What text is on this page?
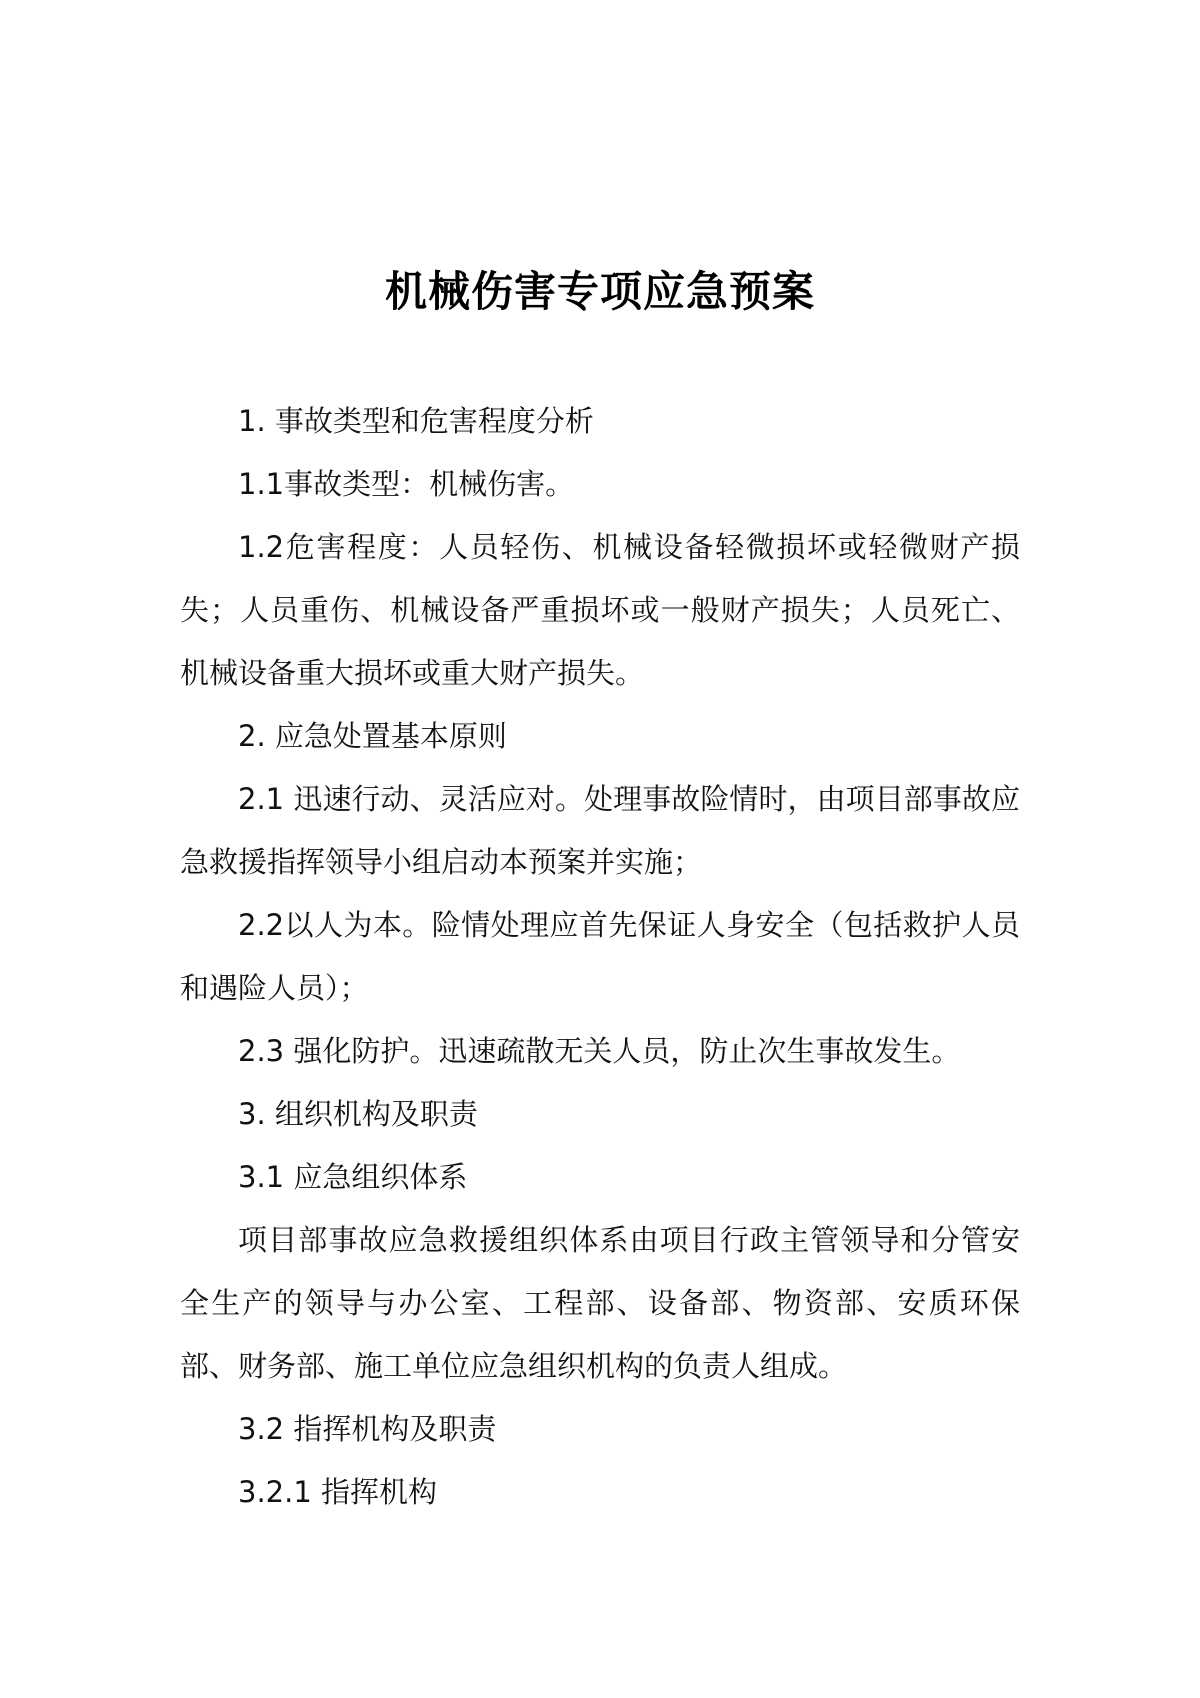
机械伤害专项应急预案

1. 事故类型和危害程度分析

1.1事故类型：机械伤害。

1.2危害程度：人员轻伤、机械设备轻微损坏或轻微财产损失；人员重伤、机械设备严重损坏或一般财产损失；人员死亡、机械设备重大损坏或重大财产损失。

2. 应急处置基本原则

2.1 迅速行动、灵活应对。处理事故险情时，由项目部事故应急救援指挥领导小组启动本预案并实施；

2.2以人为本。险情处理应首先保证人身安全（包括救护人员和遇险人员）；

2.3 强化防护。迅速疏散无关人员，防止次生事故发生。

3. 组织机构及职责

3.1 应急组织体系

项目部事故应急救援组织体系由项目行政主管领导和分管安全生产的领导与办公室、工程部、设备部、物资部、安质环保部、财务部、施工单位应急组织机构的负责人组成。

3.2 指挥机构及职责

3.2.1 指挥机构
